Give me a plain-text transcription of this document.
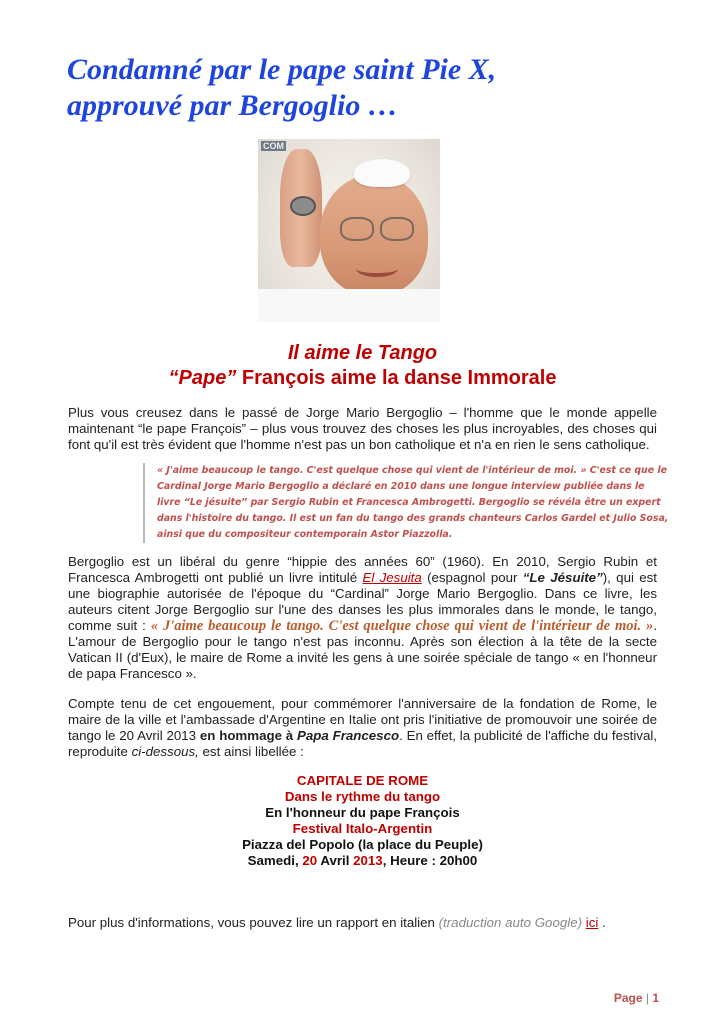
Condamné par le pape saint Pie X,
approuvé par Bergoglio …
COM
Il aime le Tango
“Pape” François aime la danse Immorale

Plus vous creusez dans le passé de Jorge Mario Bergoglio – l'homme que le monde appelle maintenant “le pape François” – plus vous trouvez des choses les plus incroyables, des choses qui font qu'il est très évident que l'homme n'est pas un bon catholique et n'a en rien le sens catholique.

« J'aime beaucoup le tango. C'est quelque chose qui vient de l'intérieur de moi. » C'est ce que le Cardinal Jorge Mario Bergoglio a déclaré en 2010 dans une longue interview publiée dans le livre “Le jésuite” par Sergio Rubin et Francesca Ambrogetti. Bergoglio se révéla être un expert dans l'histoire du tango. Il est un fan du tango des grands chanteurs Carlos Gardel et Julio Sosa, ainsi que du compositeur contemporain Astor Piazzolla.

Bergoglio est un libéral du genre “hippie des années 60” (1960). En 2010, Sergio Rubin et Francesca Ambrogetti ont publié un livre intitulé El Jesuita (espagnol pour “Le Jésuite”), qui est une biographie autorisée de l'époque du “Cardinal” Jorge Mario Bergoglio. Dans ce livre, les auteurs citent Jorge Bergoglio sur l'une des danses les plus immorales dans le monde, le tango, comme suit : « J'aime beaucoup le tango. C'est quelque chose qui vient de l'intérieur de moi. ». L'amour de Bergoglio pour le tango n'est pas inconnu. Après son élection à la tête de la secte Vatican II (d'Eux), le maire de Rome a invité les gens à une soirée spéciale de tango « en l'honneur de papa Francesco ».

Compte tenu de cet engouement, pour commémorer l'anniversaire de la fondation de Rome, le maire de la ville et l'ambassade d'Argentine en Italie ont pris l'initiative de promouvoir une soirée de tango le 20 Avril 2013 en hommage à Papa Francesco. En effet, la publicité de l'affiche du festival, reproduite ci-dessous, est ainsi libellée :

CAPITALE DE ROME
Dans le rythme du tango
En l'honneur du pape François
Festival Italo-Argentin
Piazza del Popolo (la place du Peuple)
Samedi, 20 Avril 2013, Heure : 20h00

Pour plus d'informations, vous pouvez lire un rapport en italien (traduction auto Google) ici .

Page | 1
